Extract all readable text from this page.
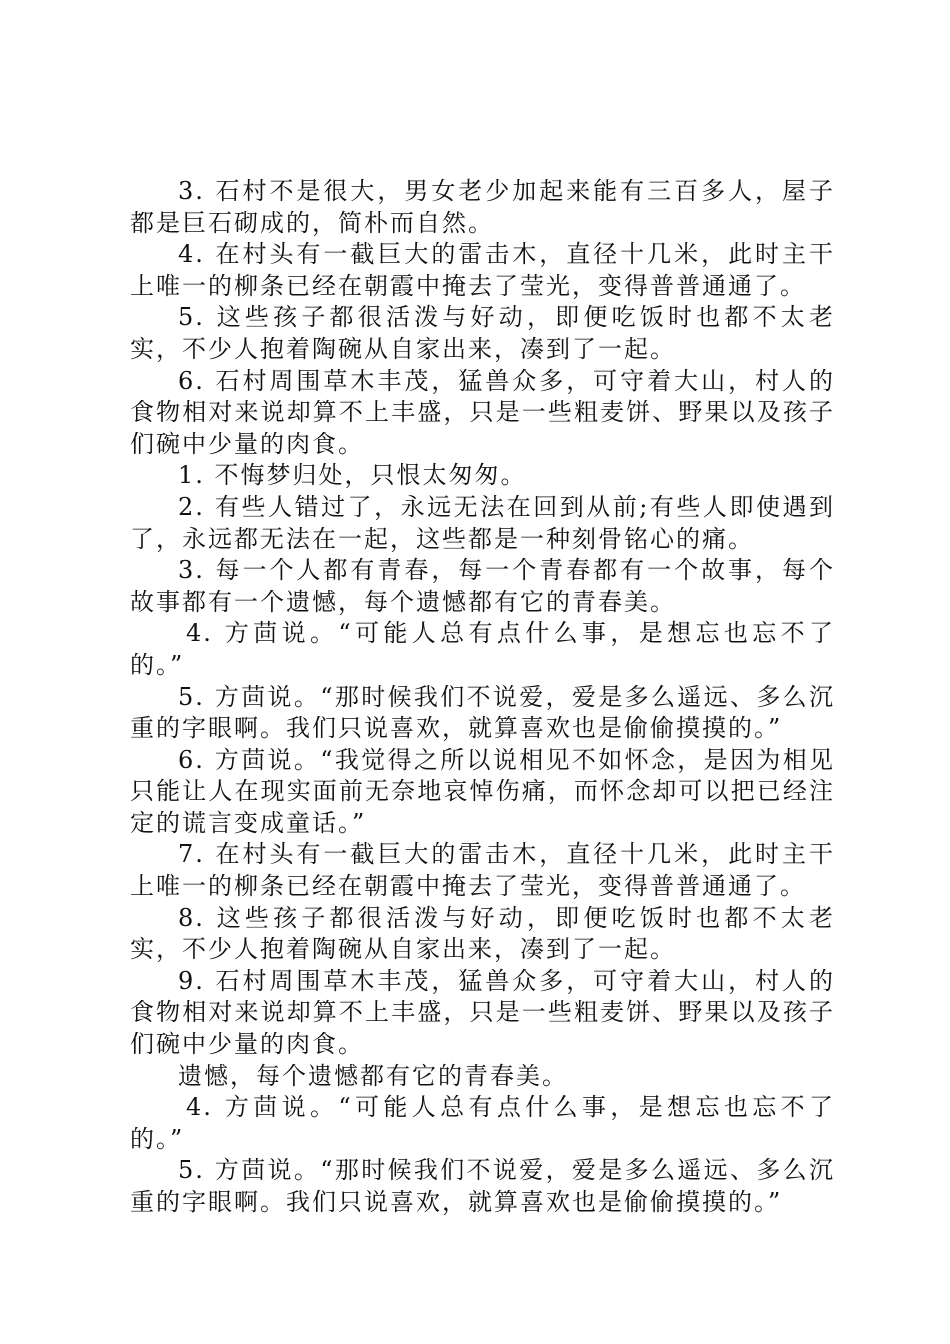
3. 石村不是很大，男女老少加起来能有三百多人，屋子都是巨石砌成的，简朴而自然。

4. 在村头有一截巨大的雷击木，直径十几米，此时主干上唯一的柳条已经在朝霞中掩去了莹光，变得普普通通了。

5. 这些孩子都很活泼与好动，即便吃饭时也都不太老实，不少人抱着陶碗从自家出来，凑到了一起。

6. 石村周围草木丰茂，猛兽众多，可守着大山，村人的食物相对来说却算不上丰盛，只是一些粗麦饼、野果以及孩子们碗中少量的肉食。

1. 不悔梦归处，只恨太匆匆。

2. 有些人错过了，永远无法在回到从前;有些人即使遇到了，永远都无法在一起，这些都是一种刻骨铭心的痛。

3. 每一个人都有青春，每一个青春都有一个故事，每个故事都有一个遗憾，每个遗憾都有它的青春美。

4. 方茴说。“可能人总有点什么事，是想忘也忘不了的。”

5. 方茴说。“那时候我们不说爱，爱是多么遥远、多么沉重的字眼啊。我们只说喜欢，就算喜欢也是偷偷摸摸的。”

6. 方茴说。“我觉得之所以说相见不如怀念，是因为相见只能让人在现实面前无奈地哀悼伤痛，而怀念却可以把已经注定的谎言变成童话。”

7. 在村头有一截巨大的雷击木，直径十几米，此时主干上唯一的柳条已经在朝霞中掩去了莹光，变得普普通通了。

8. 这些孩子都很活泼与好动，即便吃饭时也都不太老实，不少人抱着陶碗从自家出来，凑到了一起。

9. 石村周围草木丰茂，猛兽众多，可守着大山，村人的食物相对来说却算不上丰盛，只是一些粗麦饼、野果以及孩子们碗中少量的肉食。

遗憾，每个遗憾都有它的青春美。

4. 方茴说。“可能人总有点什么事，是想忘也忘不了的。”

5. 方茴说。“那时候我们不说爱，爱是多么遥远、多么沉重的字眼啊。我们只说喜欢，就算喜欢也是偷偷摸摸的。”
